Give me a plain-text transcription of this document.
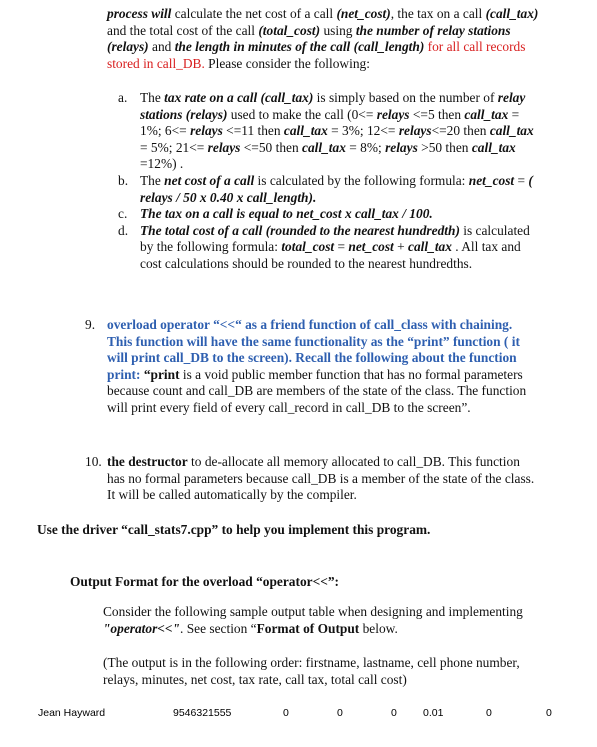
process will calculate the net cost of a call (net_cost), the tax on a call (call_tax) and the total cost of the call (total_cost) using the number of relay stations (relays) and the length in minutes of the call (call_length) for all call records stored in call_DB. Please consider the following:

a. The tax rate on a call (call_tax) is simply based on the number of relay stations (relays) used to make the call (0<= relays <=5 then call_tax = 1%; 6<= relays <=11 then call_tax = 3%; 12<= relays<=20 then call_tax = 5%; 21<= relays <=50 then call_tax = 8%; relays >50 then call_tax =12%) .

b. The net cost of a call is calculated by the following formula: net_cost = ( relays / 50 x 0.40 x call_length).

c. The tax on a call is equal to net_cost x call_tax / 100.

d. The total cost of a call (rounded to the nearest hundredth) is calculated by the following formula: total_cost = net_cost + call_tax . All tax and cost calculations should be rounded to the nearest hundredths.

9. overload operator “<<“ as a friend function of call_class with chaining. This function will have the same functionality as the “print” function ( it will print call_DB to the screen). Recall the following about the function print: “print is a void public member function that has no formal parameters because count and call_DB are members of the state of the class. The function will print every field of every call_record in call_DB to the screen”.

10. the destructor to de-allocate all memory allocated to call_DB. This function has no formal parameters because call_DB is a member of the state of the class. It will be called automatically by the compiler.

Use the driver “call_stats7.cpp” to help you implement this program.
Output Format for the overload “operator<<”:

Consider the following sample output table when designing and implementing "operator<<". See section “Format of Output below.

(The output is in the following order: firstname, lastname, cell phone number, relays, minutes, net cost, tax rate, call tax, total call cost)
Jean Hayward	9546321555	0	0	0	0.01	0	0
